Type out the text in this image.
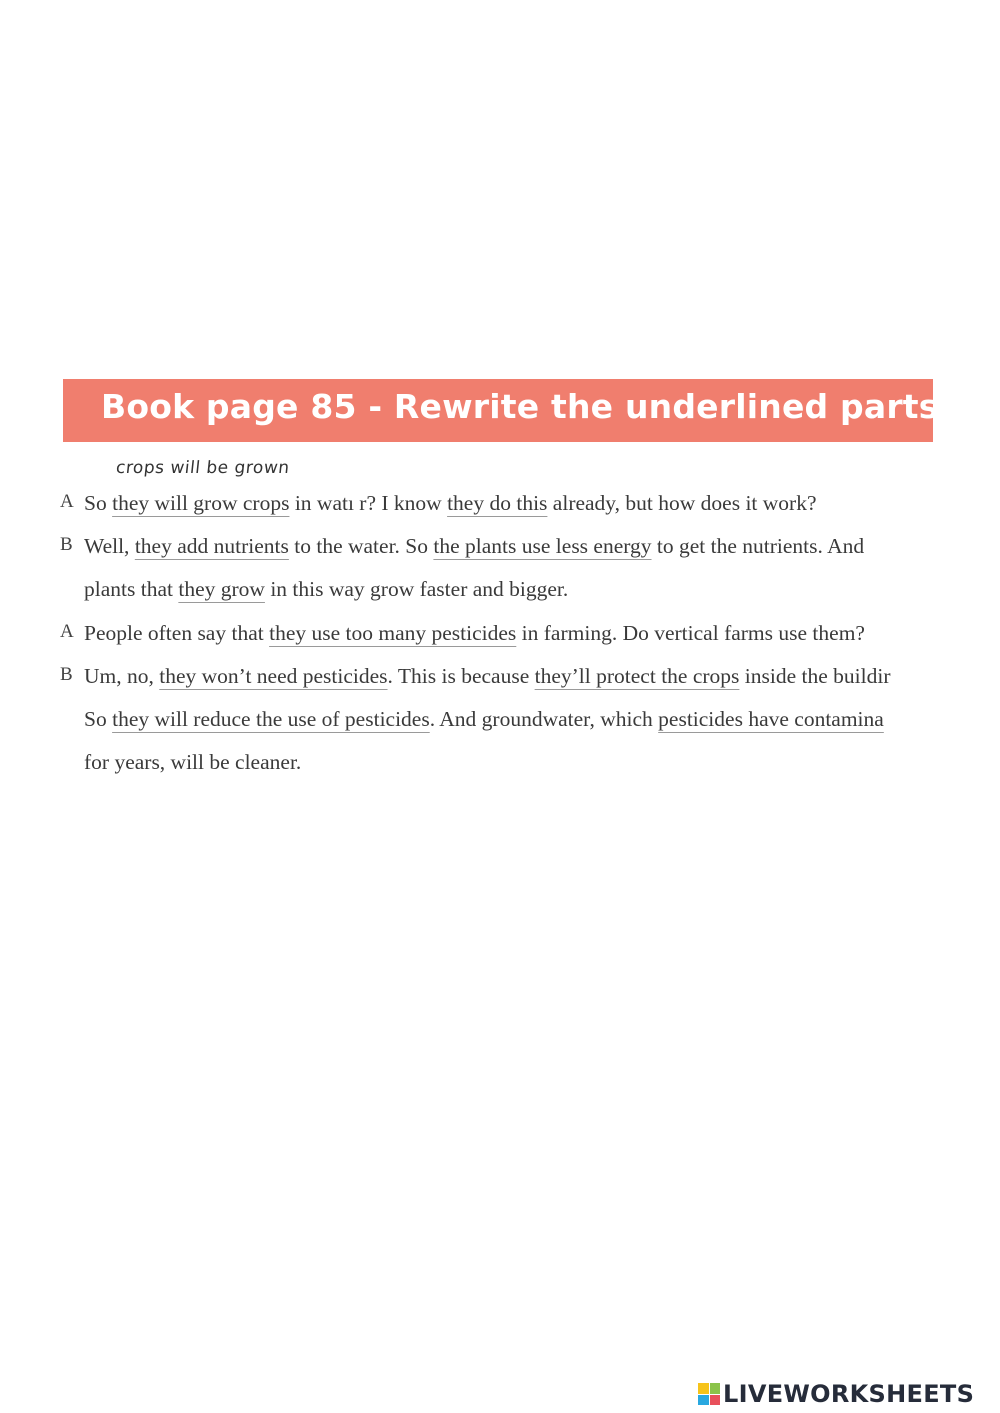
Book page 85 - Rewrite the underlined parts
crops will be grown
A So they will grow crops in watı r? I know they do this already, but how does it work?
B Well, they add nutrients to the water. So the plants use less energy to get the nutrients. And
plants that they grow in this way grow faster and bigger.
A People often say that they use too many pesticides in farming. Do vertical farms use them?
B Um, no, they won’t need pesticides. This is because they’ll protect the crops inside the buildir
So they will reduce the use of pesticides. And groundwater, which pesticides have contamina
for years, will be cleaner.
LIVEWORKSHEETS
